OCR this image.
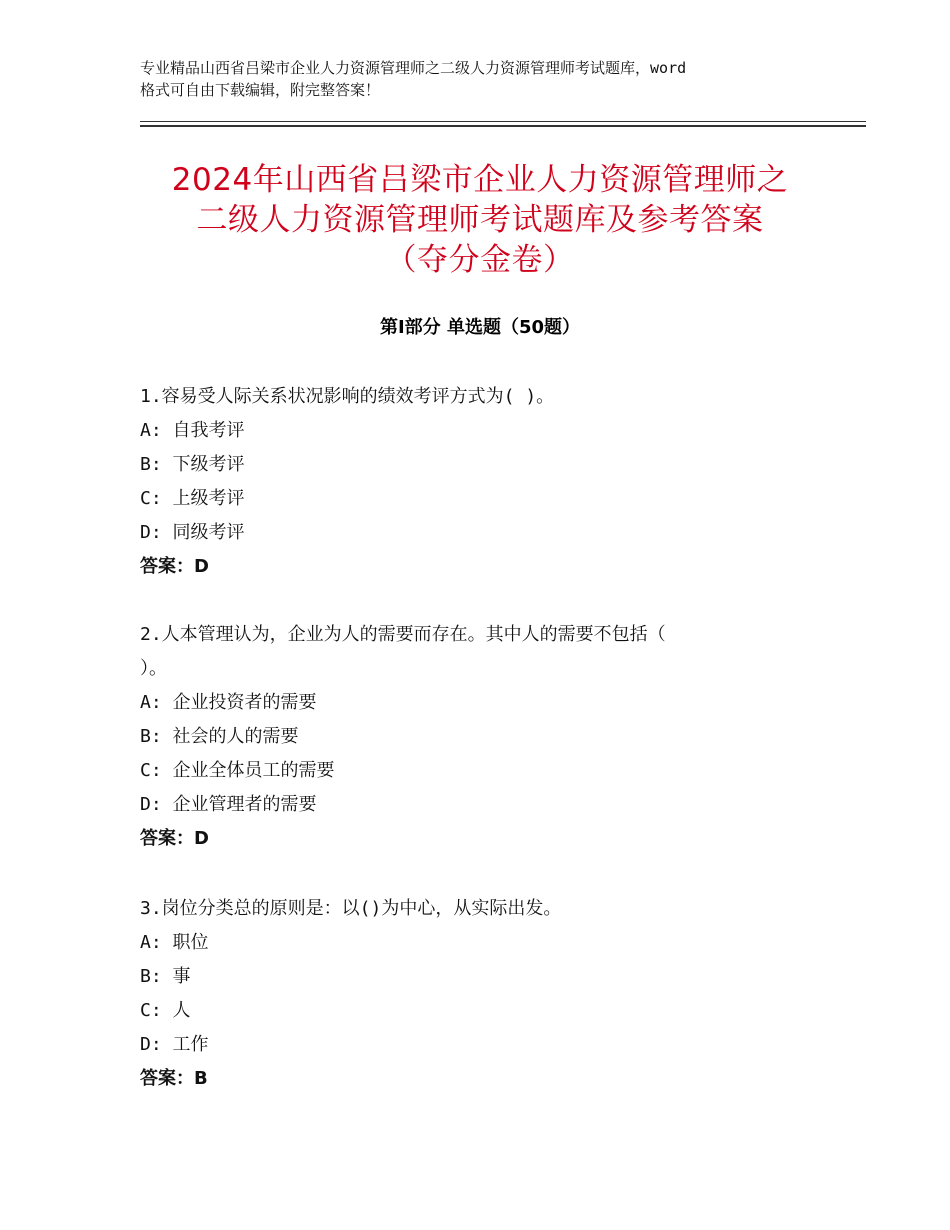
专业精品山西省吕梁市企业人力资源管理师之二级人力资源管理师考试题库，word
格式可自由下载编辑，附完整答案！
2024年山西省吕梁市企业人力资源管理师之
二级人力资源管理师考试题库及参考答案
（夺分金卷）
第Ⅰ部分 单选题（50题）

1.容易受人际关系状况影响的绩效考评方式为( )。

A: 自我考评

B: 下级考评

C: 上级考评

D: 同级考评

答案：D

2.人本管理认为，企业为人的需要而存在。其中人的需要不包括（

）。

A: 企业投资者的需要

B: 社会的人的需要

C: 企业全体员工的需要

D: 企业管理者的需要

答案：D

3.岗位分类总的原则是：以()为中心，从实际出发。

A: 职位

B: 事

C: 人

D: 工作

答案：B
